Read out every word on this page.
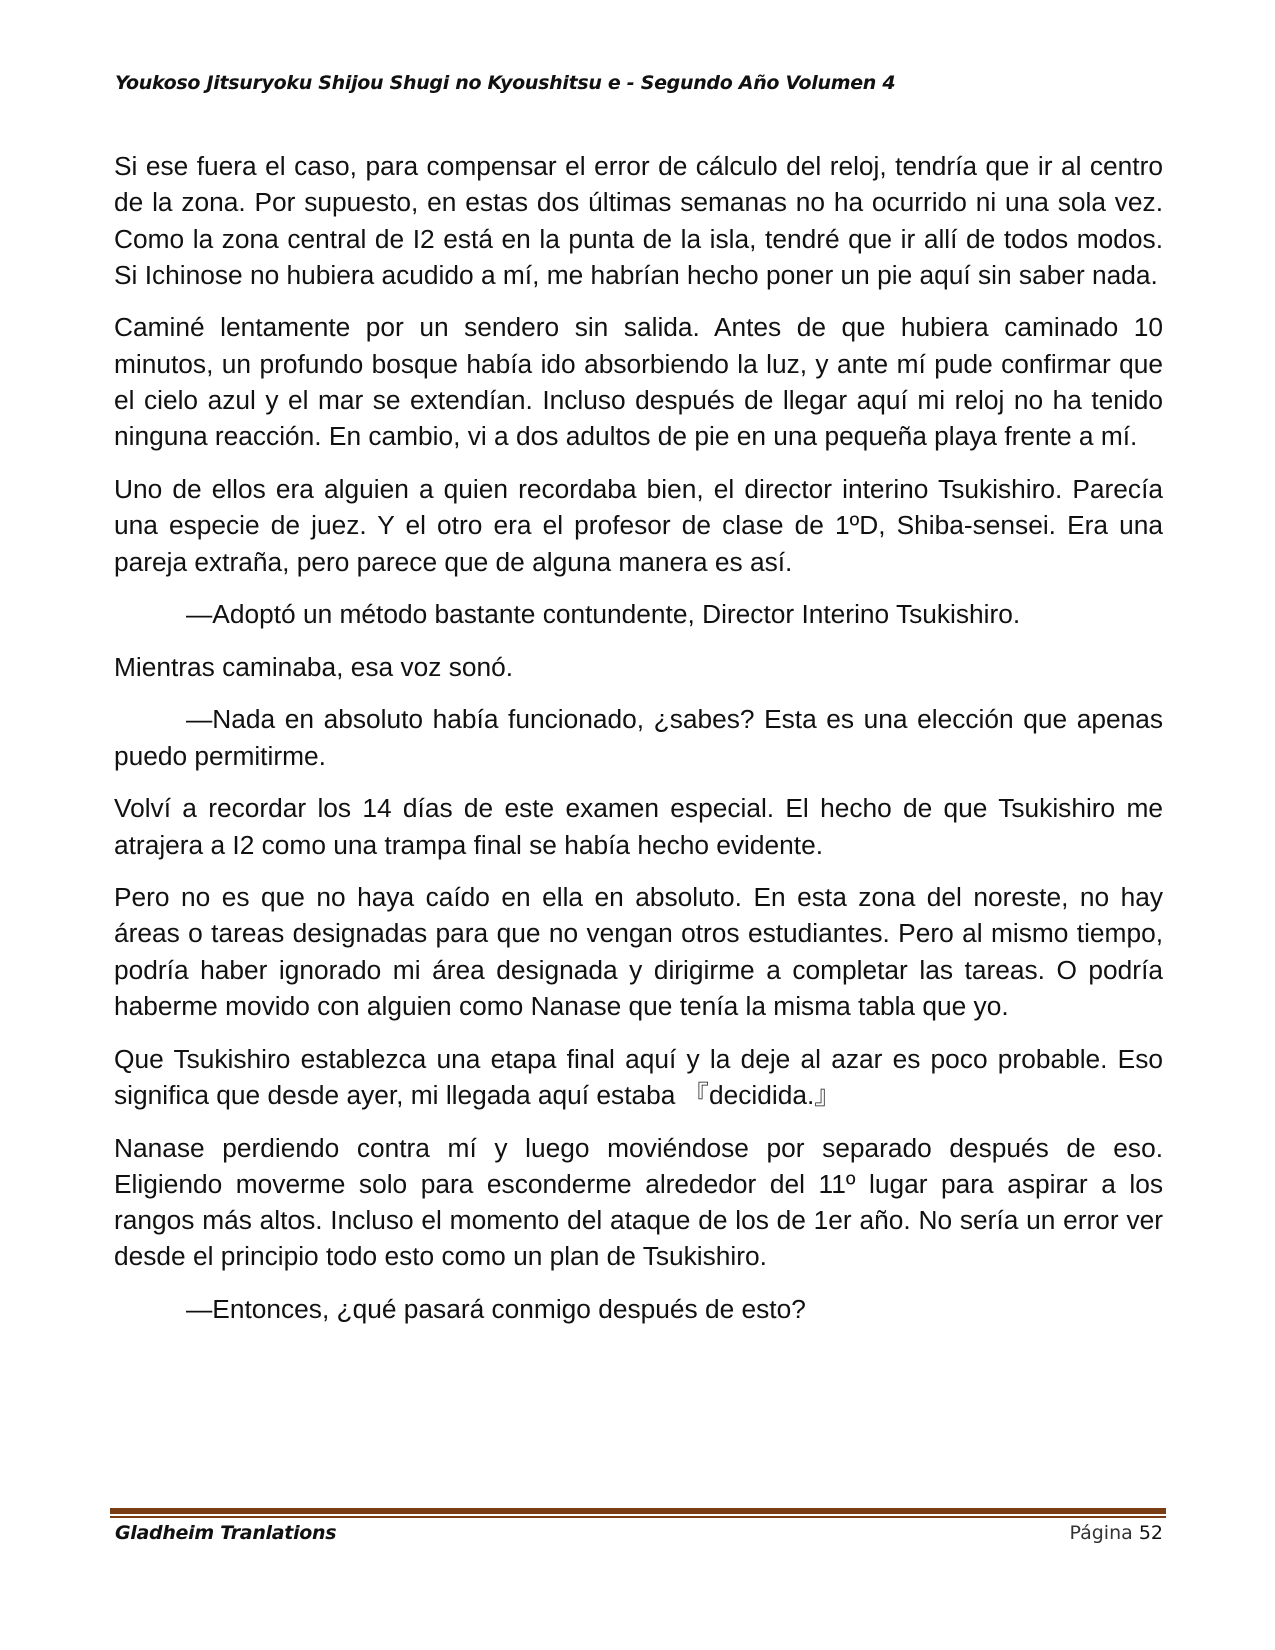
Youkoso Jitsuryoku Shijou Shugi no Kyoushitsu e - Segundo Año Volumen 4

Si ese fuera el caso, para compensar el error de cálculo del reloj, tendría que ir al centro de la zona. Por supuesto, en estas dos últimas semanas no ha ocurrido ni una sola vez. Como la zona central de I2 está en la punta de la isla, tendré que ir allí de todos modos. Si Ichinose no hubiera acudido a mí, me habrían hecho poner un pie aquí sin saber nada.

Caminé lentamente por un sendero sin salida. Antes de que hubiera caminado 10 minutos, un profundo bosque había ido absorbiendo la luz, y ante mí pude confirmar que el cielo azul y el mar se extendían. Incluso después de llegar aquí mi reloj no ha tenido ninguna reacción. En cambio, vi a dos adultos de pie en una pequeña playa frente a mí.

Uno de ellos era alguien a quien recordaba bien, el director interino Tsukishiro. Parecía una especie de juez. Y el otro era el profesor de clase de 1ºD, Shiba-sensei. Era una pareja extraña, pero parece que de alguna manera es así.

—Adoptó un método bastante contundente, Director Interino Tsukishiro.

Mientras caminaba, esa voz sonó.

—Nada en absoluto había funcionado, ¿sabes? Esta es una elección que apenas puedo permitirme.

Volví a recordar los 14 días de este examen especial. El hecho de que Tsukishiro me atrajera a I2 como una trampa final se había hecho evidente.

Pero no es que no haya caído en ella en absoluto. En esta zona del noreste, no hay áreas o tareas designadas para que no vengan otros estudiantes. Pero al mismo tiempo, podría haber ignorado mi área designada y dirigirme a completar las tareas. O podría haberme movido con alguien como Nanase que tenía la misma tabla que yo.

Que Tsukishiro establezca una etapa final aquí y la deje al azar es poco probable. Eso significa que desde ayer, mi llegada aquí estaba 『decidida.』

Nanase perdiendo contra mí y luego moviéndose por separado después de eso. Eligiendo moverme solo para esconderme alrededor del 11º lugar para aspirar a los rangos más altos. Incluso el momento del ataque de los de 1er año. No sería un error ver desde el principio todo esto como un plan de Tsukishiro.

—Entonces, ¿qué pasará conmigo después de esto?

Gladheim Tranlations	Página 52
